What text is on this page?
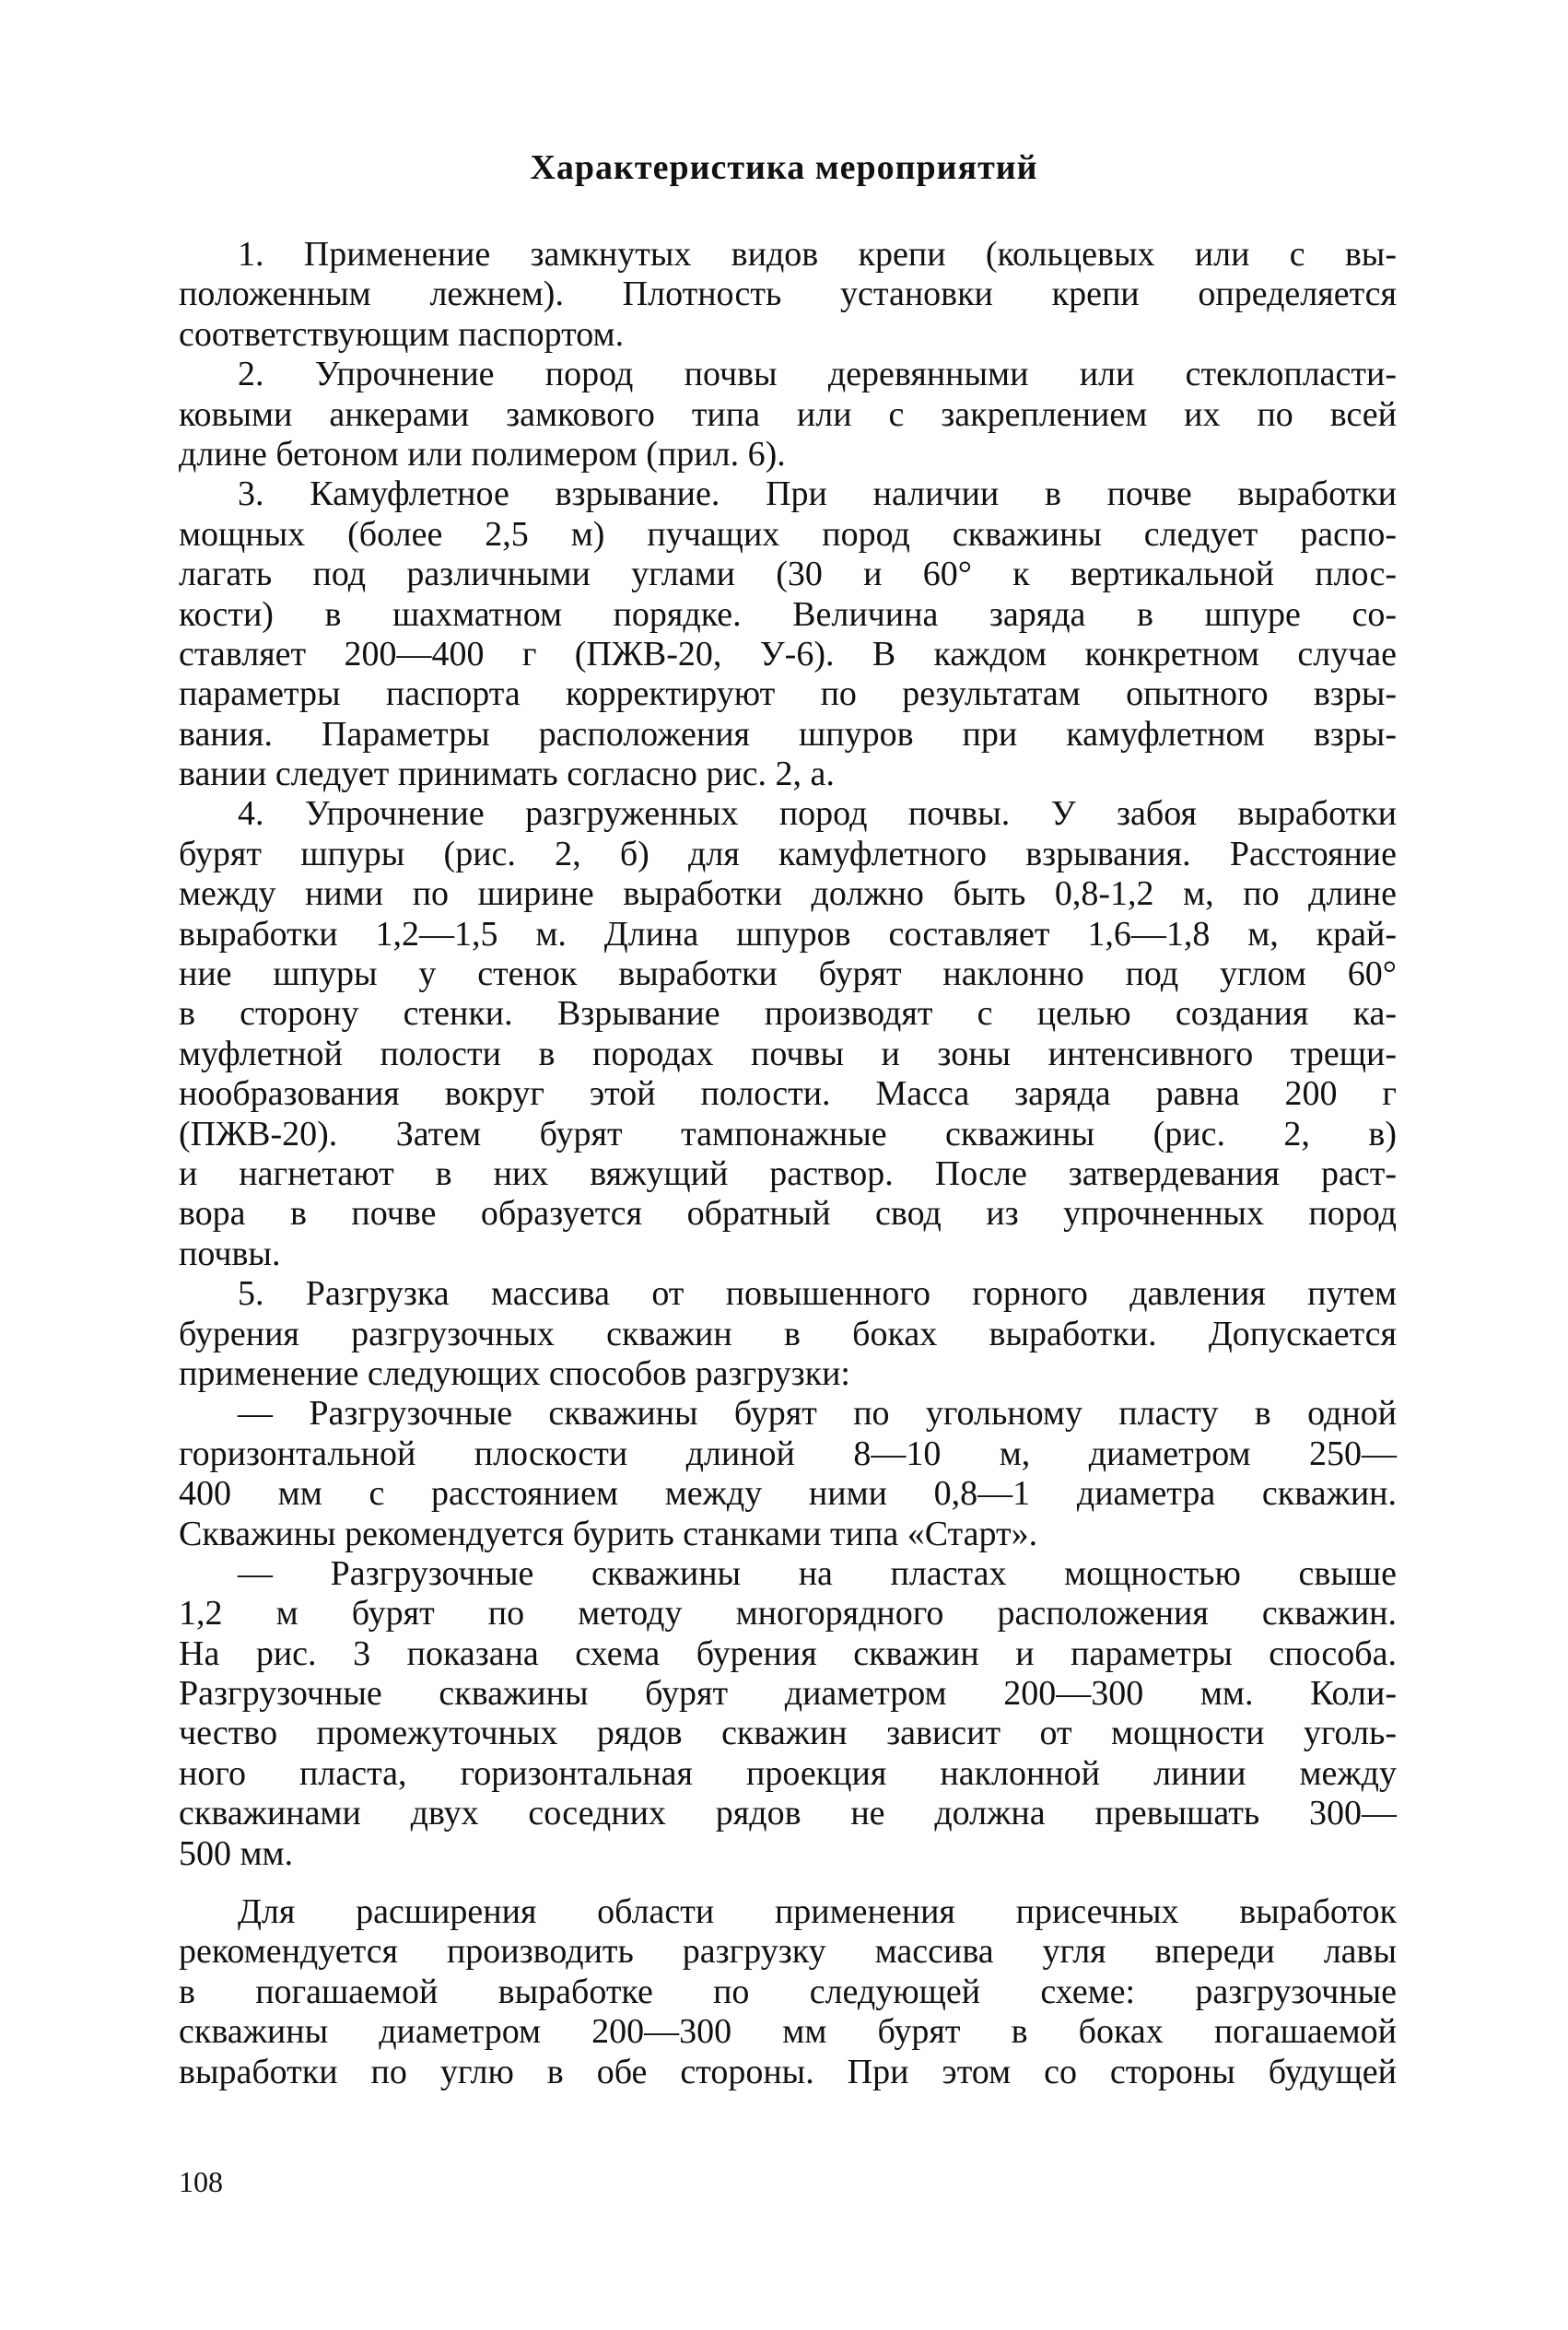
Характеристика мероприятий
1. Применение замкнутых видов крепи (кольцевых или с вы-
положенным лежнем). Плотность установки крепи определяется
соответствующим паспортом.
2. Упрочнение пород почвы деревянными или стеклопласти-
ковыми анкерами замкового типа или с закреплением их по всей
длине бетоном или полимером (прил. 6).
3. Камуфлетное взрывание. При наличии в почве выработки
мощных (более 2,5 м) пучащих пород скважины следует распо-
лагать под различными углами (30 и 60° к вертикальной плос-
кости) в шахматном порядке. Величина заряда в шпуре со-
ставляет 200—400 г (ПЖВ-20, У-6). В каждом конкретном случае
параметры паспорта корректируют по результатам опытного взры-
вания. Параметры расположения шпуров при камуфлетном взры-
вании следует принимать согласно рис. 2, а.
4. Упрочнение разгруженных пород почвы. У забоя выработки
бурят шпуры (рис. 2, б) для камуфлетного взрывания. Расстояние
между ними по ширине выработки должно быть 0,8-1,2 м, по длине
выработки 1,2—1,5 м. Длина шпуров составляет 1,6—1,8 м, край-
ние шпуры у стенок выработки бурят наклонно под углом 60°
в сторону стенки. Взрывание производят с целью создания ка-
муфлетной полости в породах почвы и зоны интенсивного трещи-
нообразования вокруг этой полости. Масса заряда равна 200 г
(ПЖВ-20). Затем бурят тампонажные скважины (рис. 2, в)
и нагнетают в них вяжущий раствор. После затвердевания раст-
вора в почве образуется обратный свод из упрочненных пород
почвы.
5. Разгрузка массива от повышенного горного давления путем
бурения разгрузочных скважин в боках выработки. Допускается
применение следующих способов разгрузки:
— Разгрузочные скважины бурят по угольному пласту в одной
горизонтальной плоскости длиной 8—10 м, диаметром 250—
400 мм с расстоянием между ними 0,8—1 диаметра скважин.
Скважины рекомендуется бурить станками типа «Старт».
— Разгрузочные скважины на пластах мощностью свыше
1,2 м бурят по методу многорядного расположения скважин.
На рис. 3 показана схема бурения скважин и параметры способа.
Разгрузочные скважины бурят диаметром 200—300 мм. Коли-
чество промежуточных рядов скважин зависит от мощности уголь-
ного пласта, горизонтальная проекция наклонной линии между
скважинами двух соседних рядов не должна превышать 300—
500 мм.
Для расширения области применения присечных выработок
рекомендуется производить разгрузку массива угля впереди лавы
в погашаемой выработке по следующей схеме: разгрузочные
скважины диаметром 200—300 мм бурят в боках погашаемой
выработки по углю в обе стороны. При этом со стороны будущей
108
